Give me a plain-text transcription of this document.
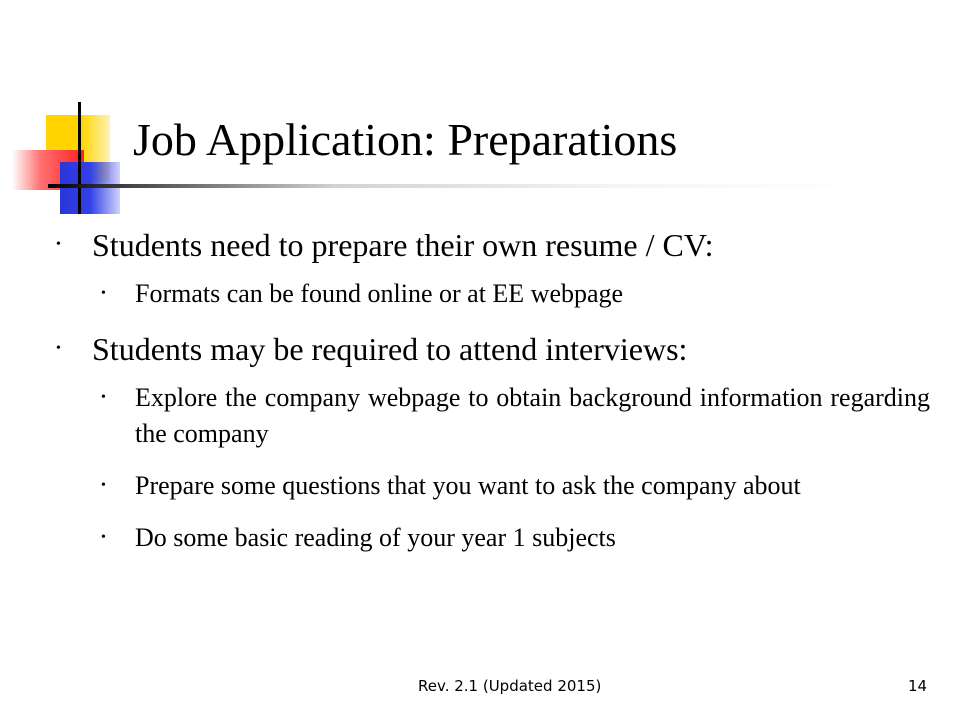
Job Application: Preparations
• Students need to prepare their own resume / CV:
• Formats can be found online or at EE webpage
• Students may be required to attend interviews:
• Explore the company webpage to obtain background information regarding the company
• Prepare some questions that you want to ask the company about
• Do some basic reading of your year 1 subjects
Rev. 2.1 (Updated 2015)	14
